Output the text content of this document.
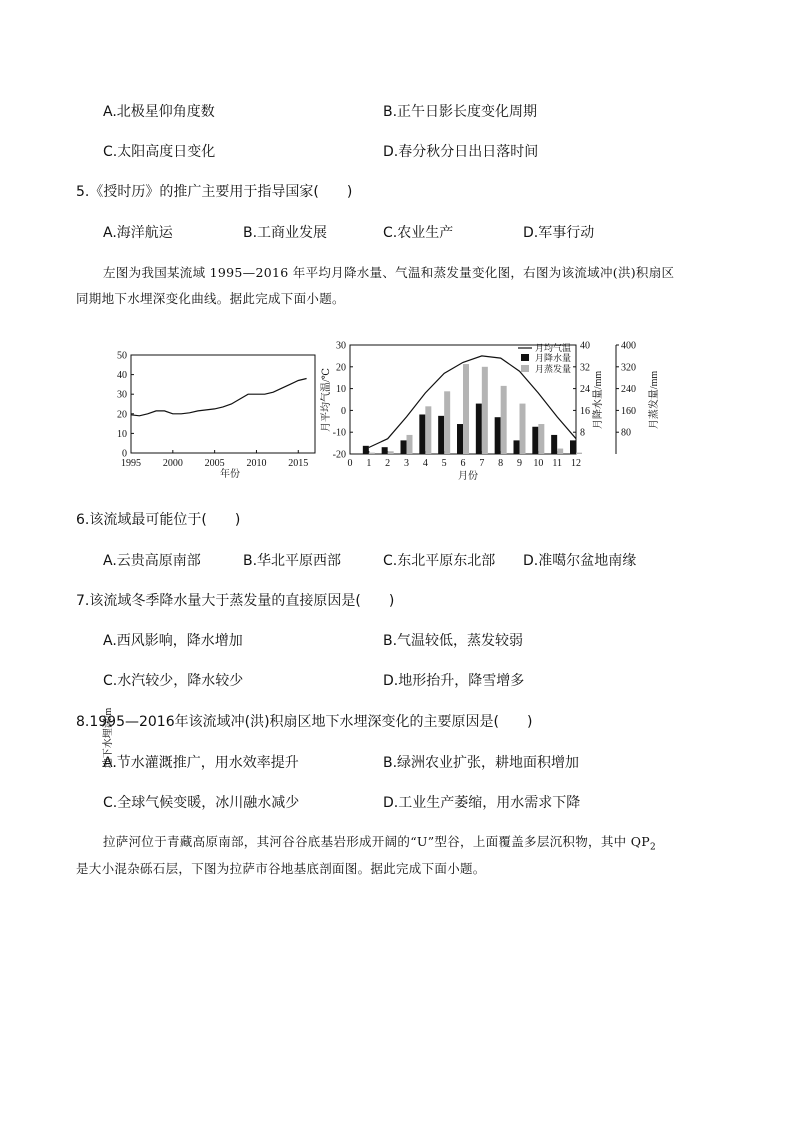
A.北极星仰角度数	B.正午日影长度变化周期
C.太阳高度日变化	D.春分秋分日出日落时间
5.《授时历》的推广主要用于指导国家(　　)
A.海洋航运	B.工商业发展	C.农业生产	D.军事行动
左图为我国某流域 1995—2016 年平均月降水量、气温和蒸发量变化图，右图为该流域冲(洪)积扇区
同期地下水埋深变化曲线。据此完成下面小题。
0
10
20
30
40
50
1995 2000 2005 2010 2015
年份
地下水埋深/m
-20
-10
0
10
20
30
8
16
24
32
40
80
160
240
320
400
0 1 2 3 4 5 6 7 8 9 10 11 12
月均气温
月降水量
月蒸发量
月份
月平均气温/℃	月降水量/mm	月蒸发量/mm
6.该流域最可能位于(　　)
A.云贵高原南部	B.华北平原西部	C.东北平原东北部 D.准噶尔盆地南缘
7.该流域冬季降水量大于蒸发量的直接原因是(　　)
A.西风影响，降水增加	B.气温较低，蒸发较弱
C.水汽较少，降水较少	D.地形抬升，降雪增多
8.1995—2016年该流域冲(洪)积扇区地下水埋深变化的主要原因是(　　)
A.节水灌溉推广，用水效率提升	B.绿洲农业扩张，耕地面积增加
C.全球气候变暖，冰川融水减少	D.工业生产萎缩，用水需求下降
拉萨河位于青藏高原南部，其河谷谷底基岩形成开阔的“U”型谷，上面覆盖多层沉积物，其中 $QP_2$
是大小混杂砾石层，下图为拉萨市谷地基底剖面图。据此完成下面小题。
